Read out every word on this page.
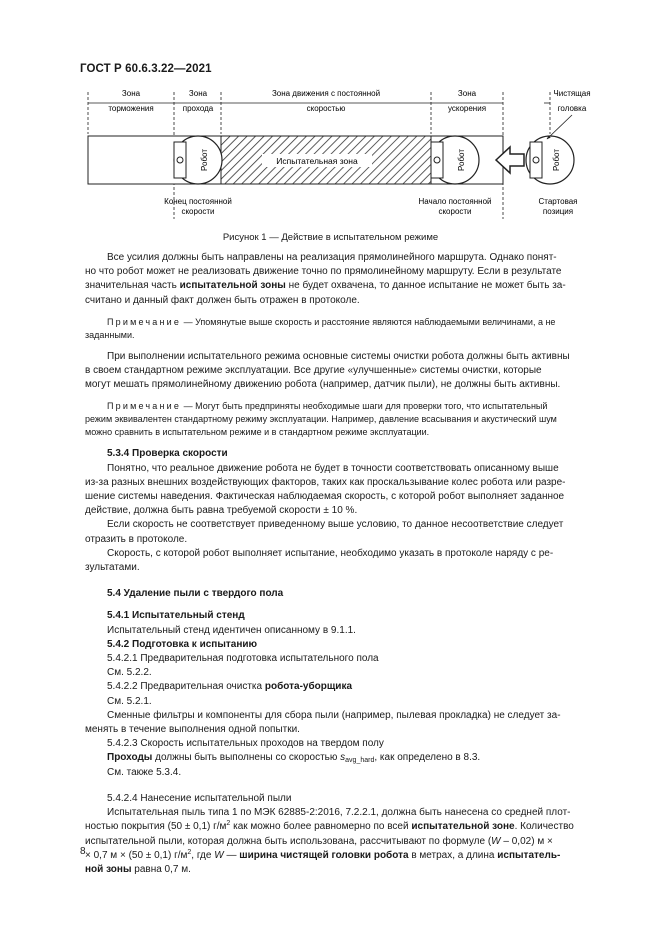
ГОСТ Р 60.6.3.22—2021
Зона
торможения
Зона
прохода
Зона движения с постоянной
скоростью
Зона
ускорения
Чистящая
головка
Испытательная зона
Робот	Робот	Робот
Конец постоянной
скорости
Начало постоянной
скорости
Стартовая
позиция
Рисунок 1 — Действие в испытательном режиме

Все усилия должны быть направлены на реализация прямолинейного маршрута. Однако понят-

но что робот может не реализовать движение точно по прямолинейному маршруту. Если в результате

значительная часть испытательной зоны не будет охвачена, то данное испытание не может быть за-

считано и данный факт должен быть отражен в протоколе.

Примечание — Упомянутые выше скорость и расстояние являются наблюдаемыми величинами, а не

заданными.

При выполнении испытательного режима основные системы очистки робота должны быть активны

в своем стандартном режиме эксплуатации. Все другие «улучшенные» системы очистки, которые

могут мешать прямолинейному движению робота (например, датчик пыли), не должны быть активны.

Примечание — Могут быть предприняты необходимые шаги для проверки того, что испытательный

режим эквивалентен стандартному режиму эксплуатации. Например, давление всасывания и акустический шум

можно сравнить в испытательном режиме и в стандартном режиме эксплуатации.

5.3.4 Проверка скорости

Понятно, что реальное движение робота не будет в точности соответствовать описанному выше

из-за разных внешних воздействующих факторов, таких как проскальзывание колес робота или разре-

шение системы наведения. Фактическая наблюдаемая скорость, с которой робот выполняет заданное

действие, должна быть равна требуемой скорости ± 10 %.

Если скорость не соответствует приведенному выше условию, то данное несоответствие следует

отразить в протоколе.

Скорость, с которой робот выполняет испытание, необходимо указать в протоколе наряду с ре-

зультатами.

5.4 Удаление пыли с твердого пола

5.4.1 Испытательный стенд

Испытательный стенд идентичен описанному в 9.1.1.

5.4.2 Подготовка к испытанию

5.4.2.1 Предварительная подготовка испытательного пола

См. 5.2.2.

5.4.2.2 Предварительная очистка робота-уборщика

См. 5.2.1.

Сменные фильтры и компоненты для сбора пыли (например, пылевая прокладка) не следует за-

менять в течение выполнения одной попытки.

5.4.2.3 Скорость испытательных проходов на твердом полу

Проходы должны быть выполнены со скоростью $s_{avg\_hard}$, как определено в 8.3.

См. также 5.3.4.

5.4.2.4 Нанесение испытательной пыли

Испытательная пыль типа 1 по МЭК 62885-2:2016, 7.2.2.1, должна быть нанесена со средней плот-

ностью покрытия (50 ± 0,1) $г/м^2$ как можно более равномерно по всей испытательной зоне. Количество

испытательной пыли, которая должна быть использована, рассчитывают по формуле (W – 0,02) м ×

× 0,7 м × (50 ± 0,1) $г/м^2$, где W — ширина чистящей головки робота в метрах, а длина испытатель-

ной зоны равна 0,7 м.

8
